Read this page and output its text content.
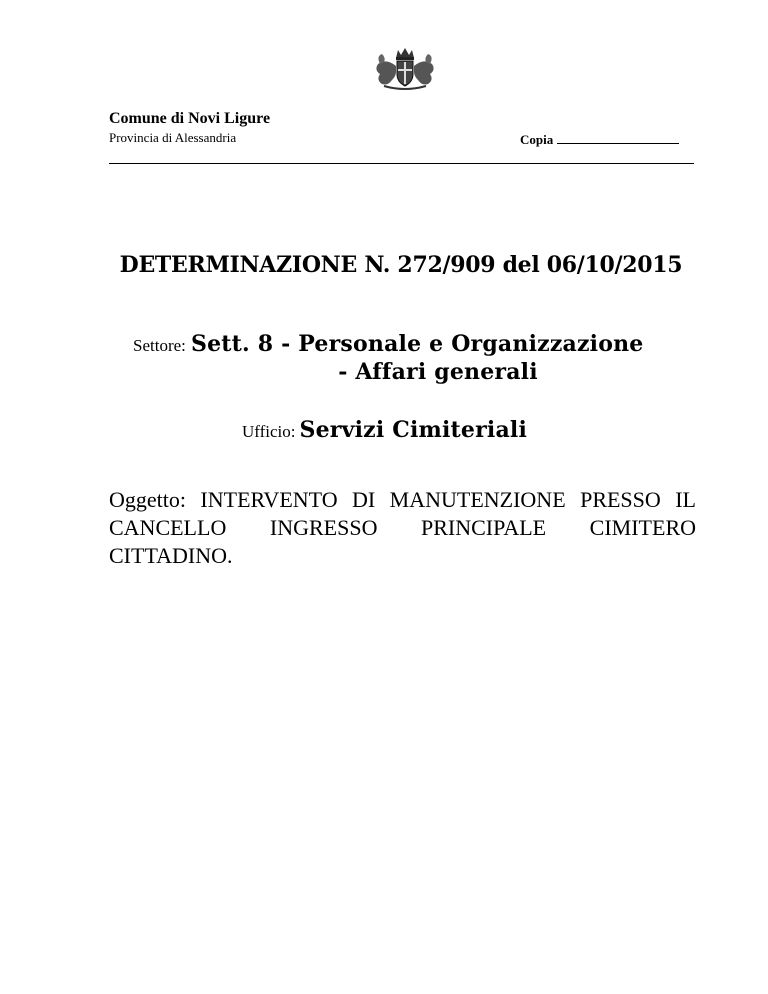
Comune di Novi Ligure
Provincia di Alessandria	Copia
DETERMINAZIONE N. 272/909 del 06/10/2015
Settore: Sett. 8 - Personale e Organizzazione
- Affari generali
Ufficio: Servizi Cimiteriali
Oggetto: INTERVENTO DI MANUTENZIONE PRESSO IL
CANCELLO INGRESSO PRINCIPALE CIMITERO
CITTADINO.
